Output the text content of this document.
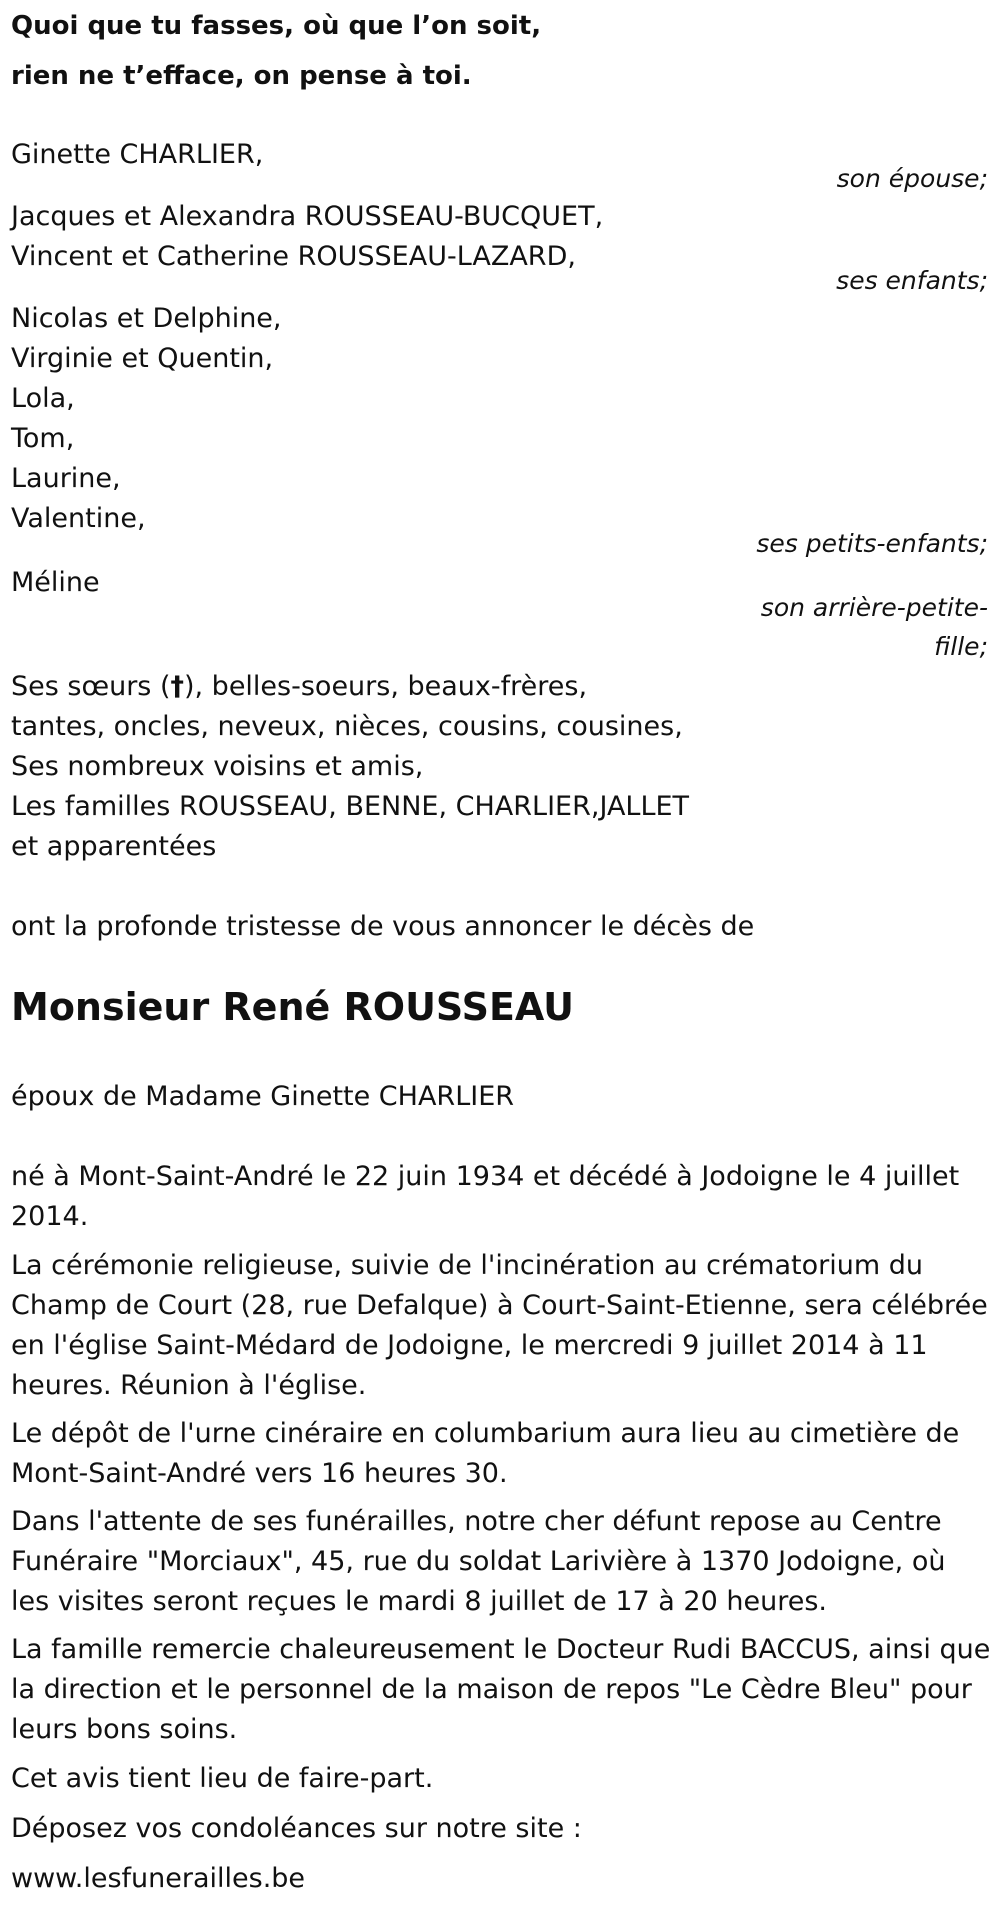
Quoi que tu fasses, où que l’on soit,
rien ne t’efface, on pense à toi.
Ginette CHARLIER,
son épouse;
Jacques et Alexandra ROUSSEAU-BUCQUET,
Vincent et Catherine ROUSSEAU-LAZARD,
ses enfants;
Nicolas et Delphine,
Virginie et Quentin,
Lola,
Tom,
Laurine,
Valentine,
ses petits-enfants;
Méline
son arrière-petite-
fille;
Ses sœurs (†), belles-soeurs, beaux-frères,
tantes, oncles, neveux, nièces, cousins, cousines,
Ses nombreux voisins et amis,
Les familles ROUSSEAU, BENNE, CHARLIER,JALLET
et apparentées
ont la profonde tristesse de vous annoncer le décès de
Monsieur René ROUSSEAU
époux de Madame Ginette CHARLIER
né à Mont-Saint-André le 22 juin 1934 et décédé à Jodoigne le 4 juillet 2014.
La cérémonie religieuse, suivie de l'incinération au crématorium du Champ de Court (28, rue Defalque) à Court-Saint-Etienne, sera célébrée en l'église Saint-Médard de Jodoigne, le mercredi 9 juillet 2014 à 11 heures. Réunion à l'église.
Le dépôt de l'urne cinéraire en columbarium aura lieu au cimetière de Mont-Saint-André vers 16 heures 30.
Dans l'attente de ses funérailles, notre cher défunt repose au Centre Funéraire "Morciaux", 45, rue du soldat Larivière à 1370 Jodoigne, où les visites seront reçues le mardi 8 juillet de 17 à 20 heures.
La famille remercie chaleureusement le Docteur Rudi BACCUS, ainsi que la direction et le personnel de la maison de repos "Le Cèdre Bleu" pour leurs bons soins.
Cet avis tient lieu de faire-part.
Déposez vos condoléances sur notre site :
www.lesfunerailles.be
